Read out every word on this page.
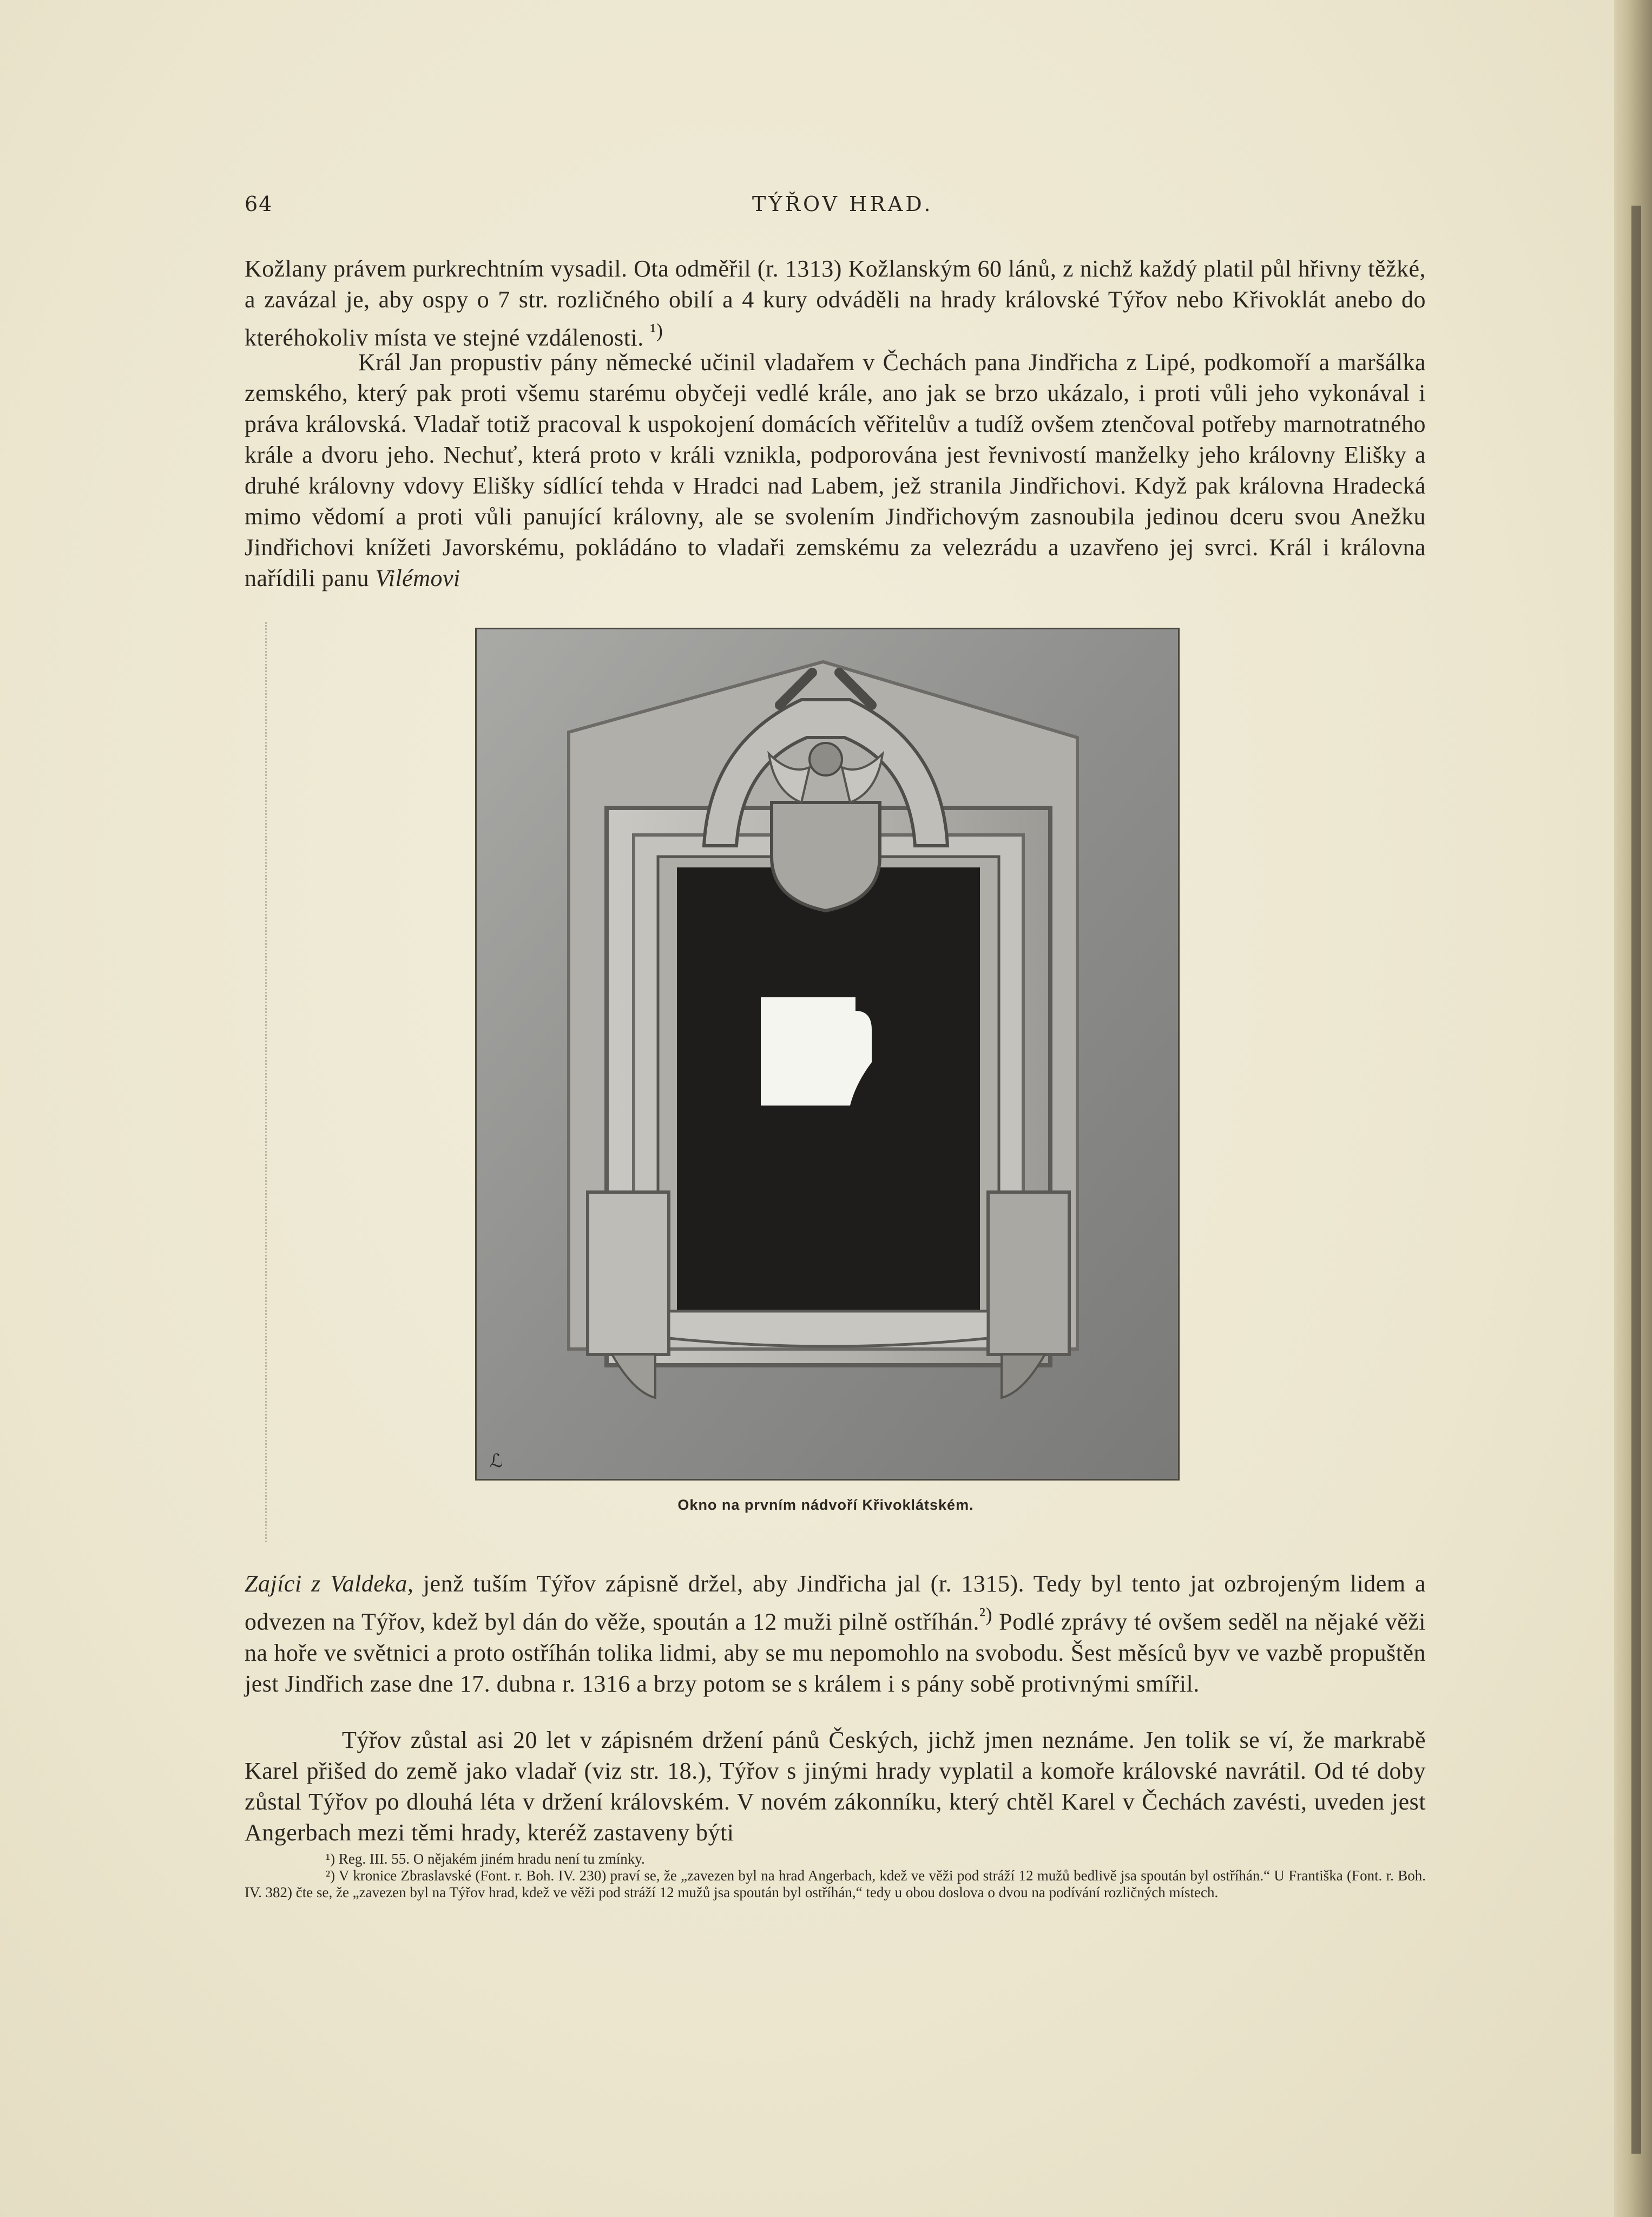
64	TÝŘOV HRAD.

Kožlany právem purkrechtním vysadil. Ota odměřil (r. 1313) Kožlanským 60 lánů, z nichž každý platil půl hřivny těžké, a zavázal je, aby ospy o 7 str. rozličného obilí a 4 kury odváděli na hrady královské Týřov nebo Křivoklát anebo do kteréhokoliv místa ve stejné vzdálenosti. $^{^1)}$

Král Jan propustiv pány německé učinil vladařem v Čechách pana Jindřicha z Lipé, podkomoří a maršálka zemského, který pak proti všemu starému obyčeji vedlé krále, ano jak se brzo ukázalo, i proti vůli jeho vykonával i práva královská. Vladař totiž pracoval k uspokojení domácích věřitelův a tudíž ovšem ztenčoval potřeby marnotratného krále a dvoru jeho. Nechuť, která proto v králi vznikla, podporována jest řevnivostí manželky jeho královny Elišky a druhé královny vdovy Elišky sídlící tehda v Hradci nad Labem, jež stranila Jindřichovi. Když pak královna Hradecká mimo vědomí a proti vůli panující královny, ale se svolením Jindřichovým zasnoubila jedinou dceru svou Anežku Jindřichovi knížeti Javorskému, pokládáno to vladaři zemskému za velezrádu a uzavřeno jej svrci. Král i královna nařídili panu Vilémovi

ℒ
Okno na prvním nádvoří Křivoklátském.

Zajíci z Valdeka, jenž tuším Týřov zápisně držel, aby Jindřicha jal (r. 1315). Tedy byl tento jat ozbrojeným lidem a odvezen na Týřov, kdež byl dán do věže, spoután a 12 muži pilně ostříhán.$^{^2)}$ Podlé zprávy té ovšem seděl na nějaké věži na hoře ve světnici a proto ostříhán tolika lidmi, aby se mu nepomohlo na svobodu. Šest měsíců byv ve vazbě propuštěn jest Jindřich zase dne 17. dubna r. 1316 a brzy potom se s králem i s pány sobě protivnými smířil.

Týřov zůstal asi 20 let v zápisném držení pánů Českých, jichž jmen neznáme. Jen tolik se ví, že markrabě Karel přišed do země jako vladař (viz str. 18.), Týřov s jinými hrady vyplatil a komoře královské navrátil. Od té doby zůstal Týřov po dlouhá léta v držení královském. V novém zákonníku, který chtěl Karel v Čechách zavésti, uveden jest Angerbach mezi těmi hrady, kteréž zastaveny býti

¹) Reg. III. 55. O nějakém jiném hradu není tu zmínky.

²) V kronice Zbraslavské (Font. r. Boh. IV. 230) praví se, že „zavezen byl na hrad Angerbach, kdež ve věži pod stráží 12 mužů bedlivě jsa spoután byl ostříhán.“ U Františka (Font. r. Boh. IV. 382) čte se, že „zavezen byl na Týřov hrad, kdež ve věži pod stráží 12 mužů jsa spoután byl ostříhán,“ tedy u obou doslova o dvou na podívání rozličných místech.
